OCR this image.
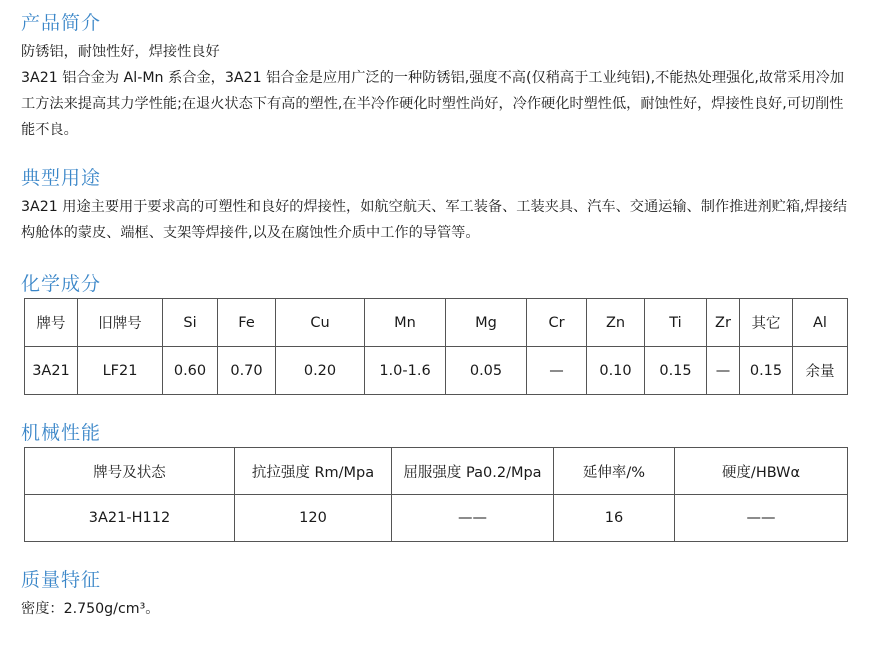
产品简介

防锈铝，耐蚀性好，焊接性良好

3A21 铝合金为 Al-Mn 系合金，3A21 铝合金是应用广泛的一种防锈铝,强度不高(仅稍高于工业纯铝),不能热处理强化,故常采用冷加工方法来提高其力学性能;在退火状态下有高的塑性,在半冷作硬化时塑性尚好，冷作硬化时塑性低，耐蚀性好，焊接性良好,可切削性能不良。

典型用途

3A21 用途主要用于要求高的可塑性和良好的焊接性，如航空航天、军工装备、工装夹具、汽车、交通运输、制作推进剂贮箱,焊接结构舱体的蒙皮、端框、支架等焊接件,以及在腐蚀性介质中工作的导管等。

化学成分
牌号	旧牌号	Si	Fe	Cu	Mn	Mg	Cr	Zn	Ti	Zr	其它	Al
3A21	LF21	0.60	0.70	0.20	1.0-1.6	0.05	—	0.10	0.15	—	0.15	余量
机械性能
牌号及状态	抗拉强度 Rm/Mpa	屈服强度 Pa0.2/Mpa	延伸率/%	硬度/HBWα
3A21-H112	120	——	16	——
质量特征

密度：2.750g/cm³。
